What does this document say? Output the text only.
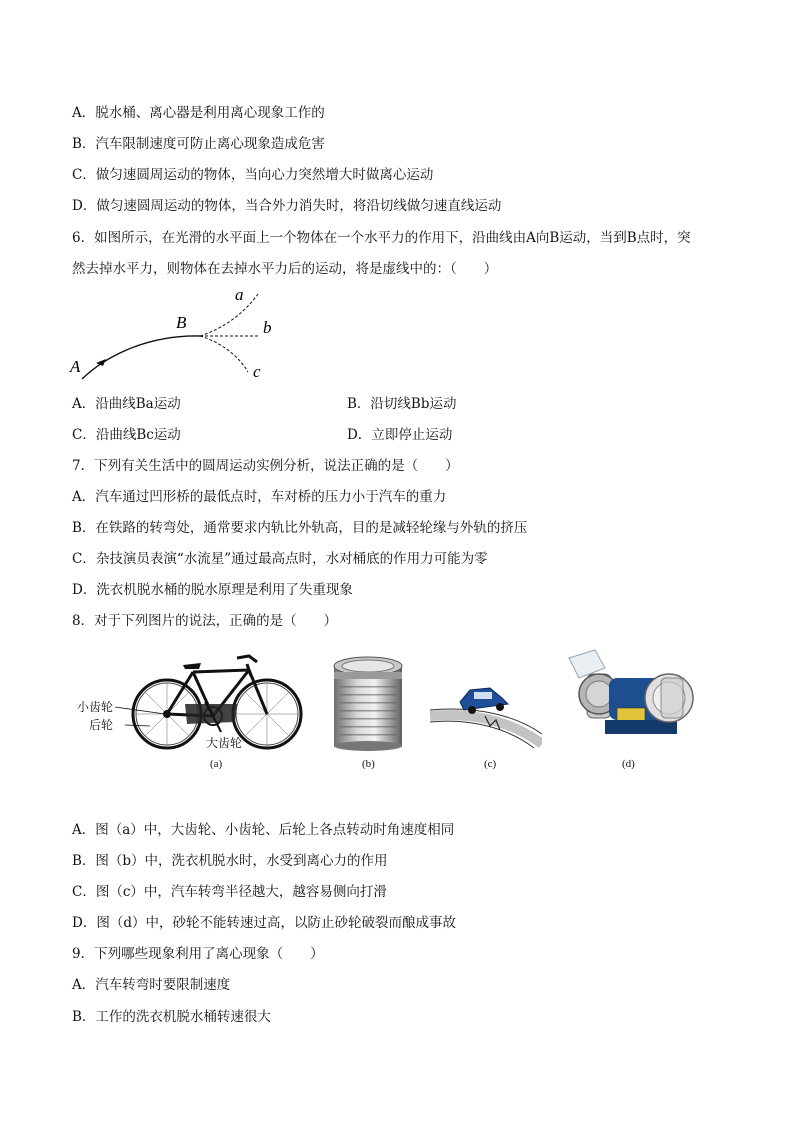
A．脱水桶、离心器是利用离心现象工作的
B．汽车限制速度可防止离心现象造成危害
C．做匀速圆周运动的物体，当向心力突然增大时做离心运动
D．做匀速圆周运动的物体，当合外力消失时，将沿切线做匀速直线运动
6．如图所示，在光滑的水平面上一个物体在一个水平力的作用下，沿曲线由A向B运动，当到B点时，突
然去掉水平力，则物体在去掉水平力后的运动，将是虚线中的：（　　）
A
B
a
b
c
A．沿曲线Ba运动	B．沿切线Bb运动
C．沿曲线Bc运动	D．立即停止运动
7．下列有关生活中的圆周运动实例分析，说法正确的是（　　）
A．汽车通过凹形桥的最低点时，车对桥的压力小于汽车的重力
B．在铁路的转弯处，通常要求内轨比外轨高，目的是减轻轮缘与外轨的挤压
C．杂技演员表演“水流星”通过最高点时，水对桶底的作用力可能为零
D．洗衣机脱水桶的脱水原理是利用了失重现象
8．对于下列图片的说法，正确的是（　　）
小齿轮
后轮
大齿轮
(a)	(b)	(c)	(d)
A．图（a）中，大齿轮、小齿轮、后轮上各点转动时角速度相同
B．图（b）中，洗衣机脱水时，水受到离心力的作用
C．图（c）中，汽车转弯半径越大，越容易侧向打滑
D．图（d）中，砂轮不能转速过高，以防止砂轮破裂而酿成事故
9．下列哪些现象利用了离心现象（　　）
A．汽车转弯时要限制速度
B．工作的洗衣机脱水桶转速很大
